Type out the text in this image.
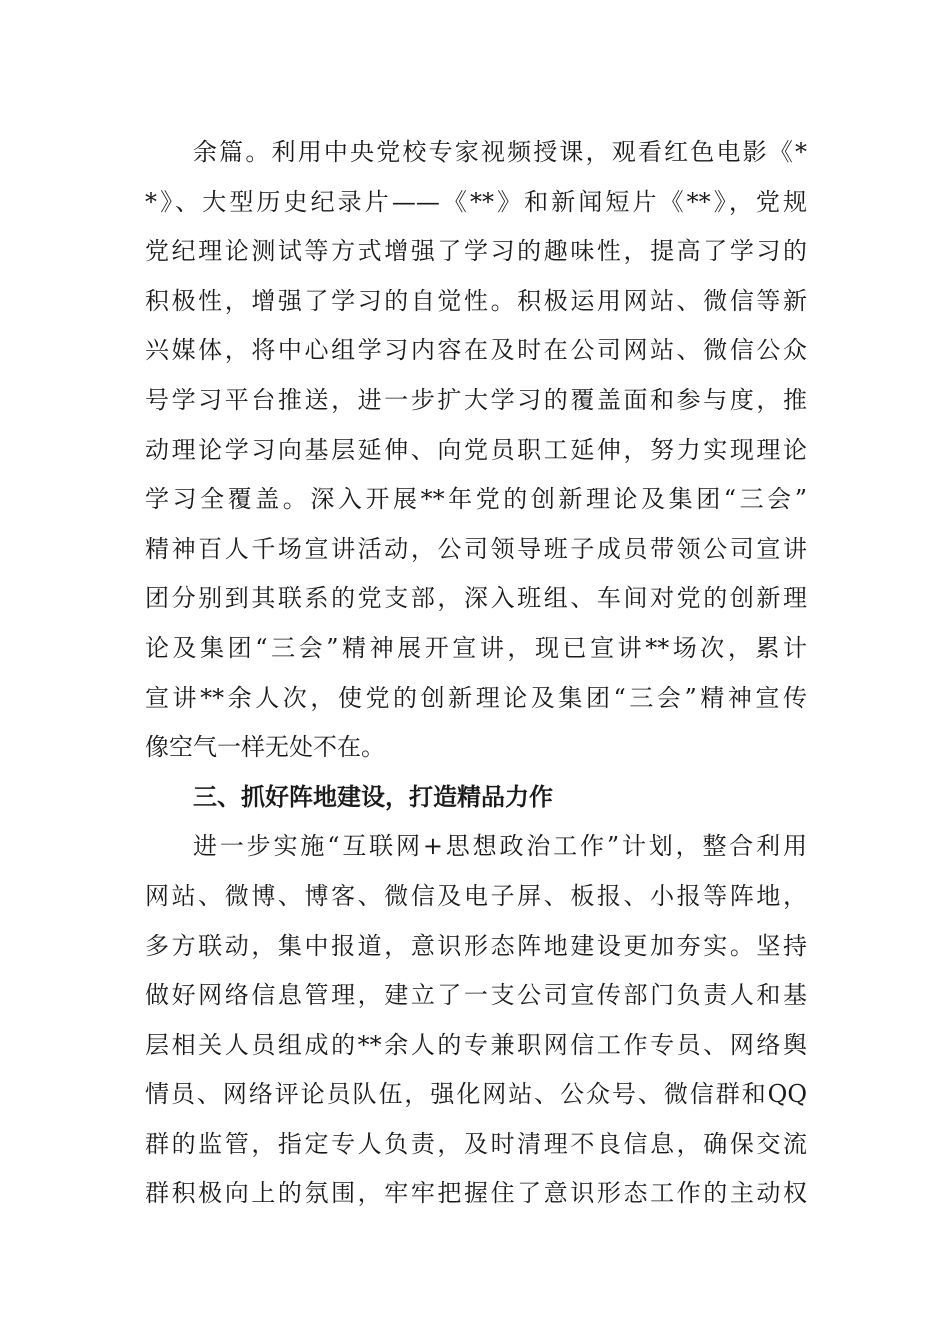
余篇。利用中央党校专家视频授课，观看红色电影《*
*》、大型历史纪录片——《**》和新闻短片《**》，党规
党纪理论测试等方式增强了学习的趣味性，提高了学习的
积极性，增强了学习的自觉性。积极运用网站、微信等新
兴媒体，将中心组学习内容在及时在公司网站、微信公众
号学习平台推送，进一步扩大学习的覆盖面和参与度，推
动理论学习向基层延伸、向党员职工延伸，努力实现理论
学习全覆盖。深入开展**年党的创新理论及集团“三会”
精神百人千场宣讲活动，公司领导班子成员带领公司宣讲
团分别到其联系的党支部，深入班组、车间对党的创新理
论及集团“三会”精神展开宣讲，现已宣讲**场次，累计
宣讲**余人次，使党的创新理论及集团“三会”精神宣传
像空气一样无处不在。
三、抓好阵地建设，打造精品力作
进一步实施“互联网+思想政治工作”计划，整合利用
网站、微博、博客、微信及电子屏、板报、小报等阵地，
多方联动，集中报道，意识形态阵地建设更加夯实。坚持
做好网络信息管理，建立了一支公司宣传部门负责人和基
层相关人员组成的**余人的专兼职网信工作专员、网络舆
情员、网络评论员队伍，强化网站、公众号、微信群和QQ
群的监管，指定专人负责，及时清理不良信息，确保交流
群积极向上的氛围，牢牢把握住了意识形态工作的主动权
